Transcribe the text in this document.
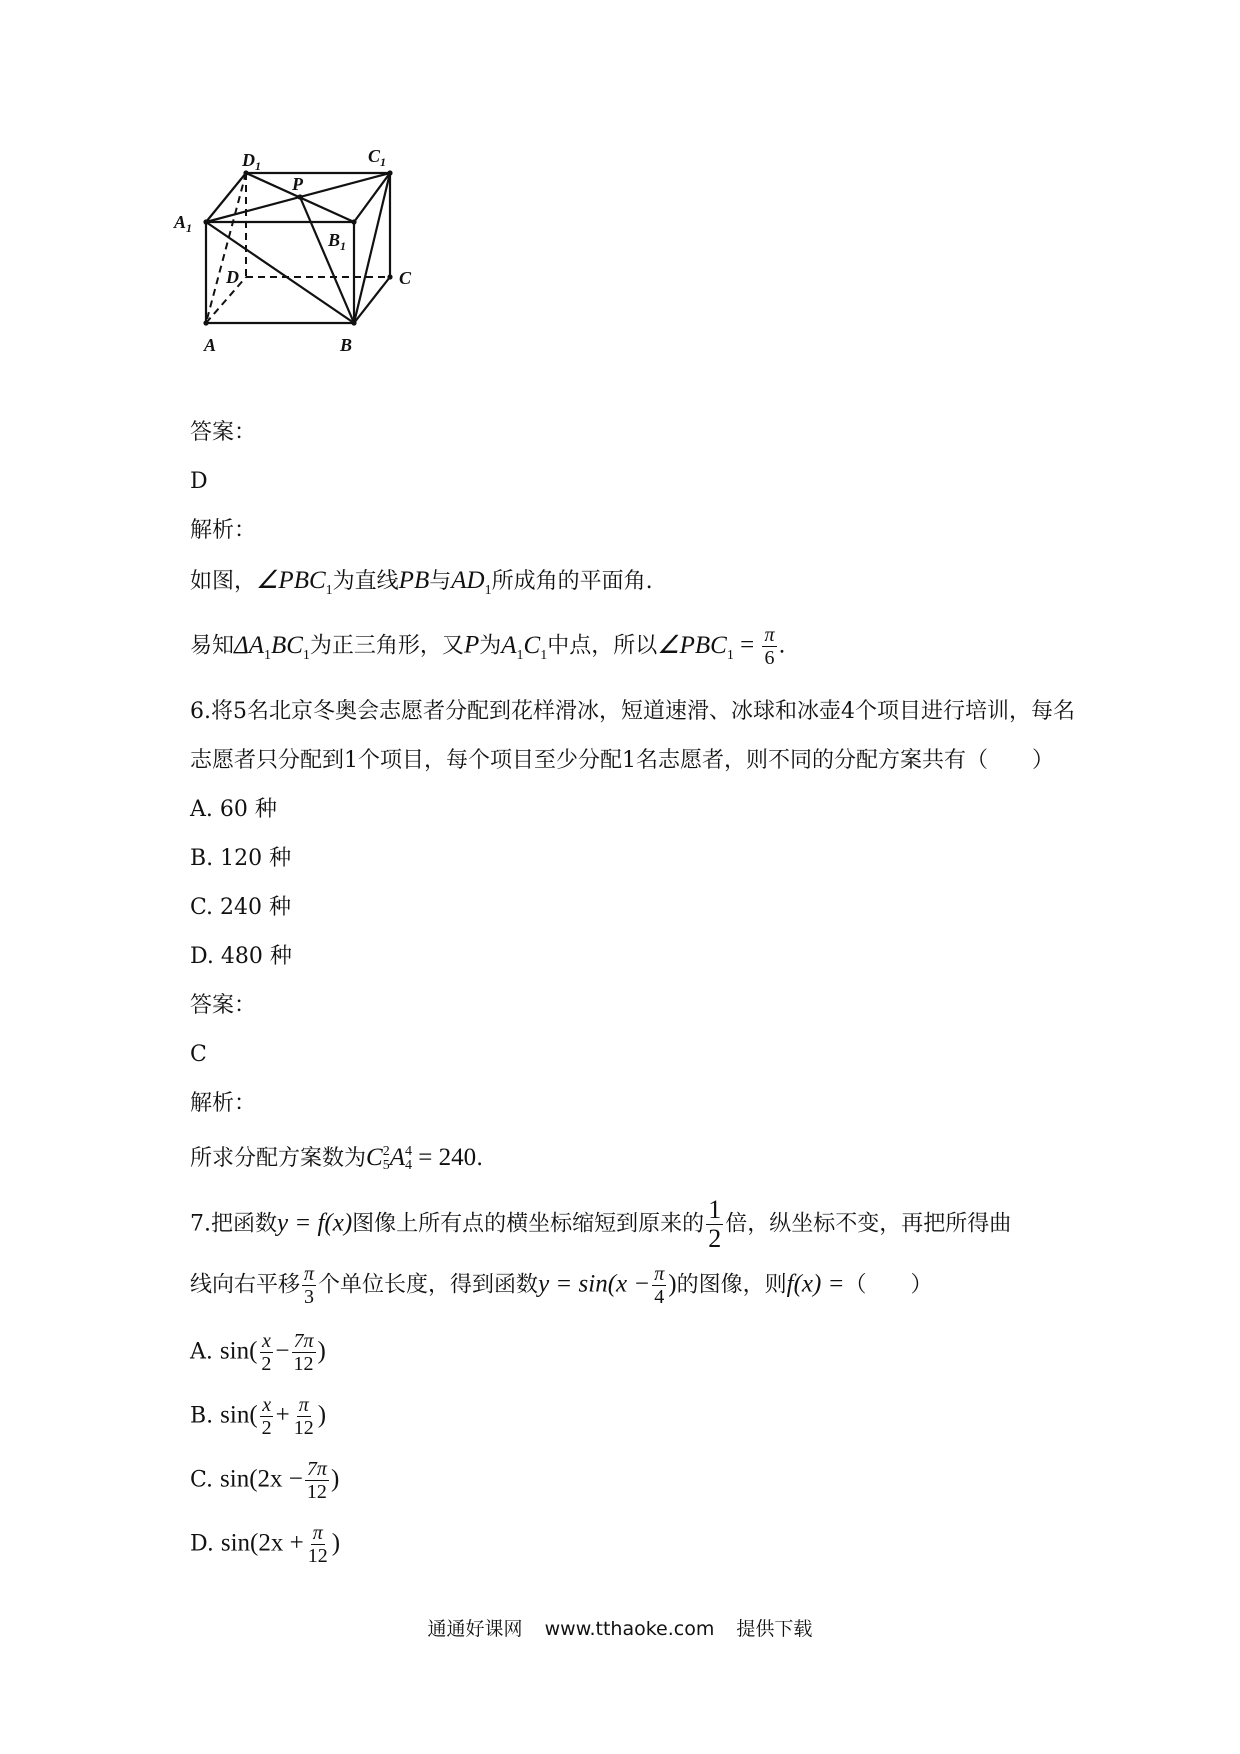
$D_1$	$C_1$
P
$A_1$
$B_1$
D	C
A	B
答案：
D
解析：
如图，$\angle PBC_1$为直线PB与$AD_1$所成角的平面角.
易知$\Delta A_1BC_1$为正三角形，又P为$A_1C_1$中点，所以$\angle PBC_1 = \frac{\pi}{6}$ .
6.将5名北京冬奥会志愿者分配到花样滑冰，短道速滑、冰球和冰壶4个项目进行培训，每名
志愿者只分配到1个项目，每个项目至少分配1名志愿者，则不同的分配方案共有（　　）
A. 60 种
B. 120 种
C. 240 种
D. 480 种
答案：
C
解析：
所求分配方案数为C 2
5 A 4
4 = 240.
7.把函数y = f(x)图像上所有点的横坐标缩短到原来的 $\frac{1}{2}$ 倍，纵坐标不变，再把所得曲
线向右平移 $\frac{\pi}{3}$ 个单位长度，得到函数$y = \sin(x - \frac{\pi}{4}$ )的图像，则f(x) =（　　）
A. $\sin( \frac{x}{2} - \frac{7\pi}{12}$ )
B. $\sin( \frac{x}{2} + \frac{\pi}{12}$ )
C. $\sin(2x - \frac{7\pi}{12}$ )
D. $\sin(2x + \frac{\pi}{12}$ )
通通好课网 www.tthaoke.com 提供下载
